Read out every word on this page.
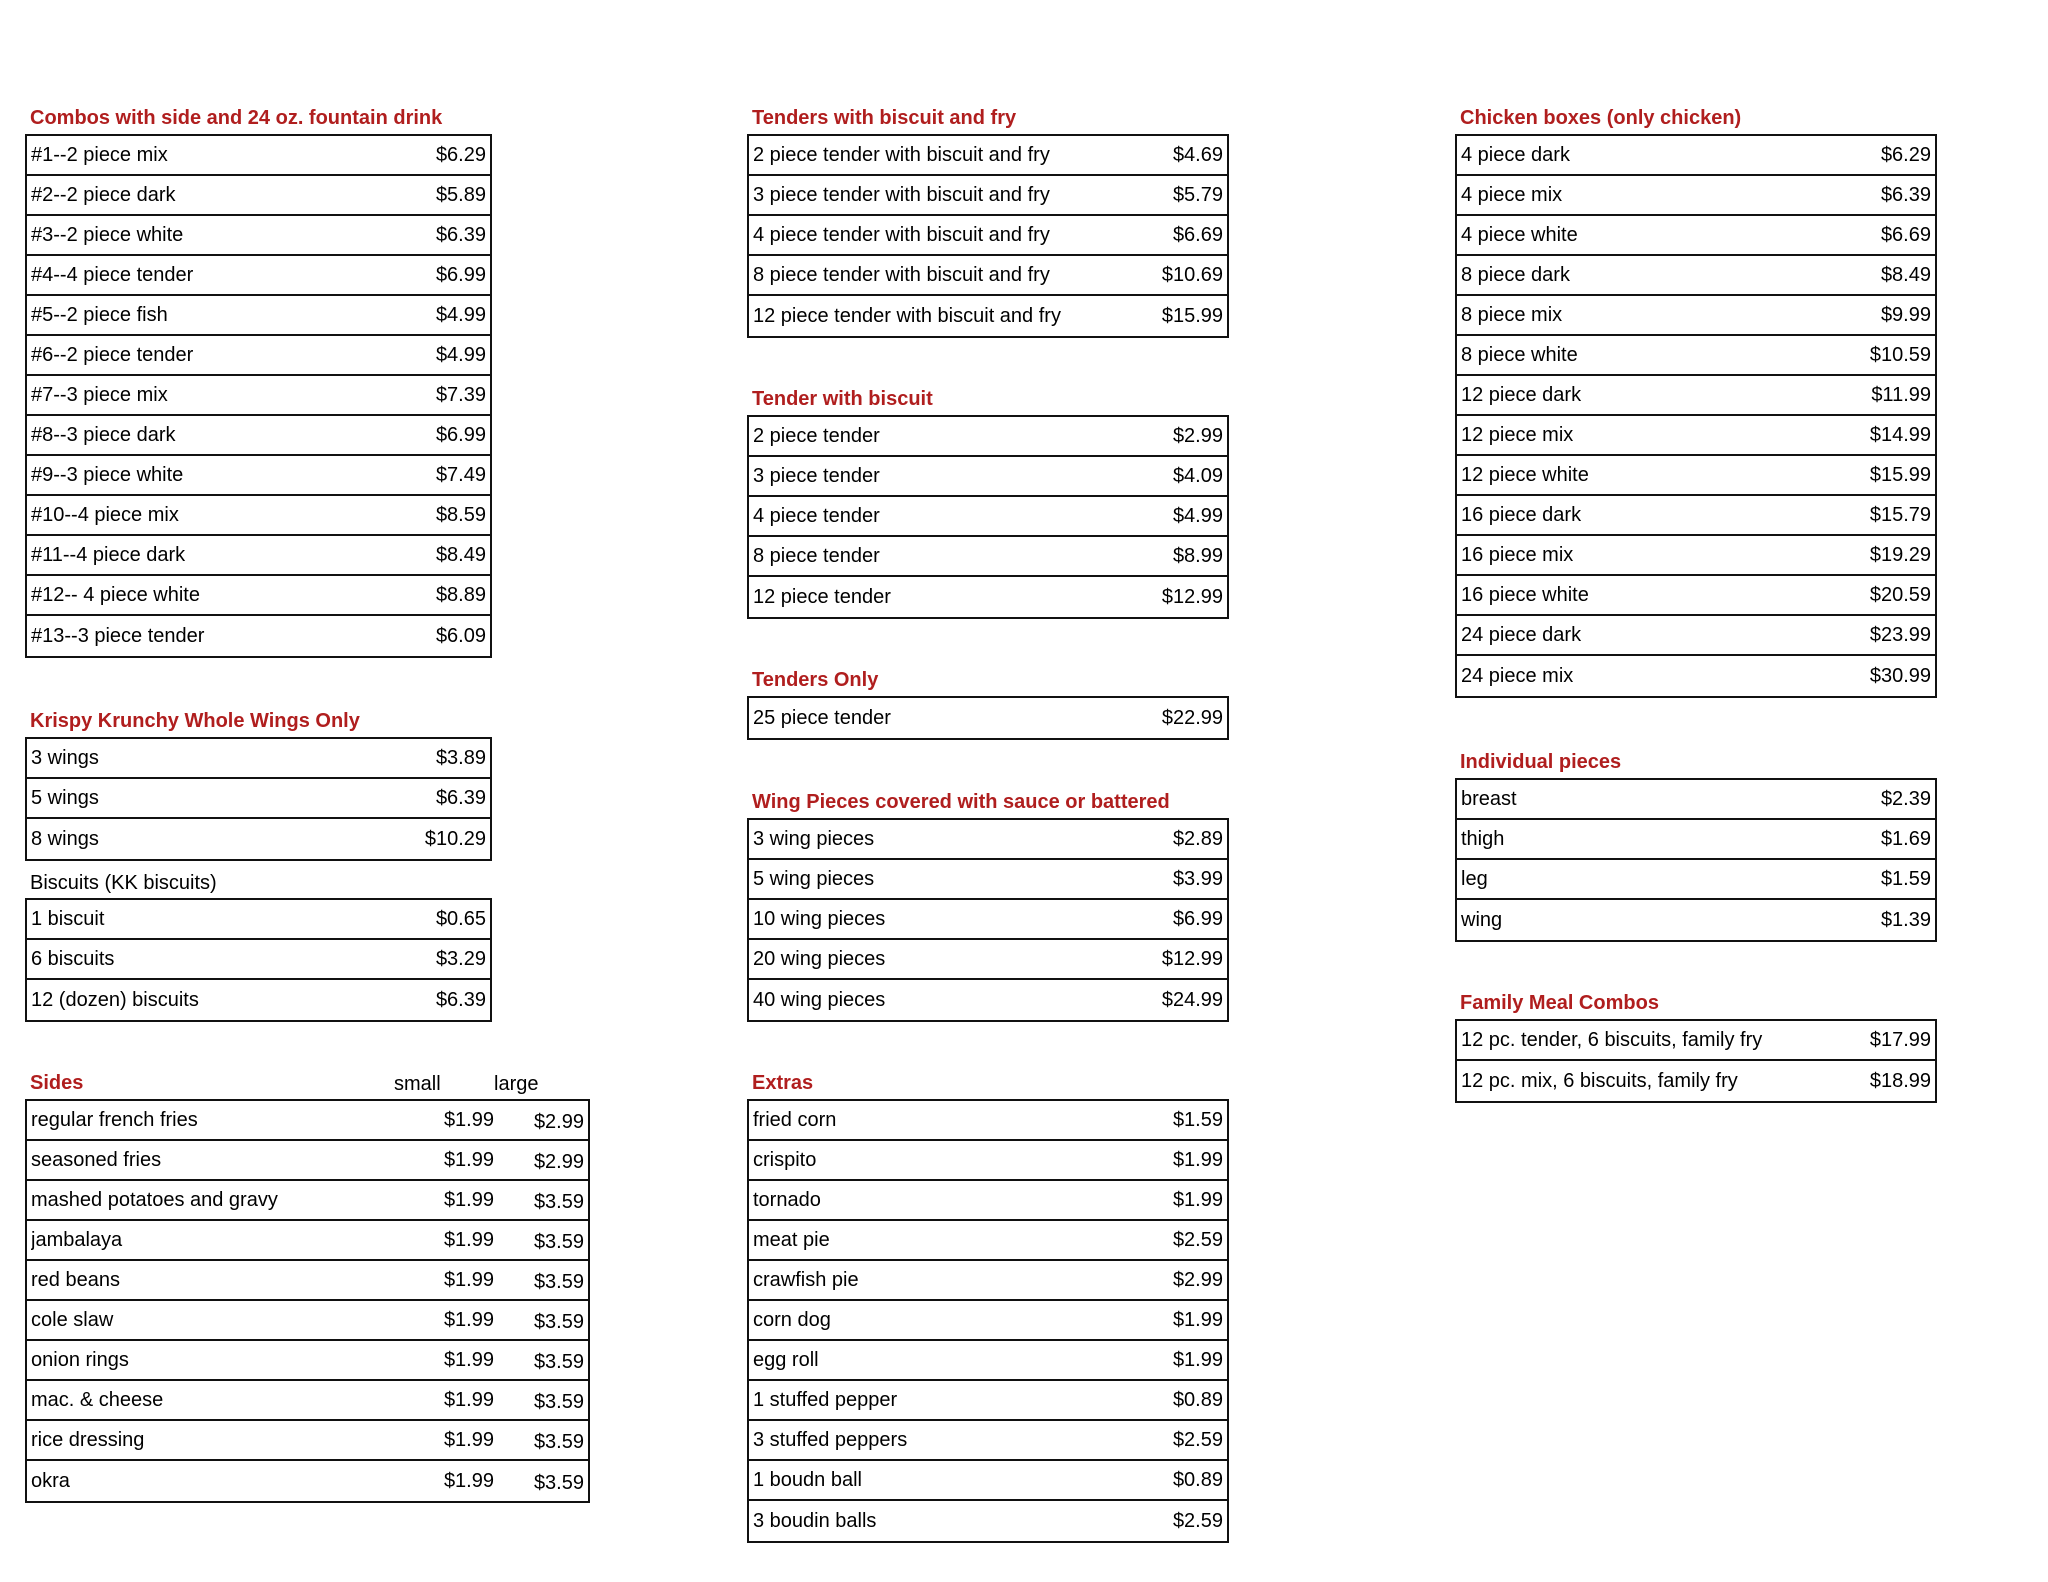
Combos with side and 24 oz. fountain drink
#1--2 piece mix	$6.29
#2--2 piece dark	$5.89
#3--2 piece white	$6.39
#4--4 piece tender	$6.99
#5--2 piece fish	$4.99
#6--2 piece tender	$4.99
#7--3 piece mix	$7.39
#8--3 piece dark	$6.99
#9--3 piece white	$7.49
#10--4 piece mix	$8.59
#11--4 piece dark	$8.49
#12-- 4 piece white	$8.89
#13--3 piece tender	$6.09
Krispy Krunchy Whole Wings Only
3 wings	$3.89
5 wings	$6.39
8 wings	$10.29
Biscuits (KK biscuits)
1 biscuit	$0.65
6 biscuits	$3.29
12 (dozen) biscuits	$6.39
Sides	small	large
regular french fries	$1.99	$2.99
seasoned fries	$1.99	$2.99
mashed potatoes and gravy	$1.99	$3.59
jambalaya	$1.99	$3.59
red beans	$1.99	$3.59
cole slaw	$1.99	$3.59
onion rings	$1.99	$3.59
mac. & cheese	$1.99	$3.59
rice dressing	$1.99	$3.59
okra	$1.99	$3.59
Tenders with biscuit and fry
2 piece tender with biscuit and fry	$4.69
3 piece tender with biscuit and fry	$5.79
4 piece tender with biscuit and fry	$6.69
8 piece tender with biscuit and fry	$10.69
12 piece tender with biscuit and fry	$15.99
Tender with biscuit
2 piece tender	$2.99
3 piece tender	$4.09
4 piece tender	$4.99
8 piece tender	$8.99
12 piece tender	$12.99
Tenders Only
25 piece tender	$22.99
Wing Pieces covered with sauce or battered
3 wing pieces	$2.89
5 wing pieces	$3.99
10 wing pieces	$6.99
20 wing pieces	$12.99
40 wing pieces	$24.99
Extras
fried corn	$1.59
crispito	$1.99
tornado	$1.99
meat pie	$2.59
crawfish pie	$2.99
corn dog	$1.99
egg roll	$1.99
1 stuffed pepper	$0.89
3 stuffed peppers	$2.59
1 boudn ball	$0.89
3 boudin balls	$2.59
Chicken boxes (only chicken)
4 piece dark	$6.29
4 piece mix	$6.39
4 piece white	$6.69
8 piece dark	$8.49
8 piece mix	$9.99
8 piece white	$10.59
12 piece dark	$11.99
12 piece mix	$14.99
12 piece white	$15.99
16 piece dark	$15.79
16 piece mix	$19.29
16 piece white	$20.59
24 piece dark	$23.99
24 piece mix	$30.99
Individual pieces
breast	$2.39
thigh	$1.69
leg	$1.59
wing	$1.39
Family Meal Combos
12 pc. tender, 6 biscuits, family fry	$17.99
12 pc. mix, 6 biscuits, family fry	$18.99
